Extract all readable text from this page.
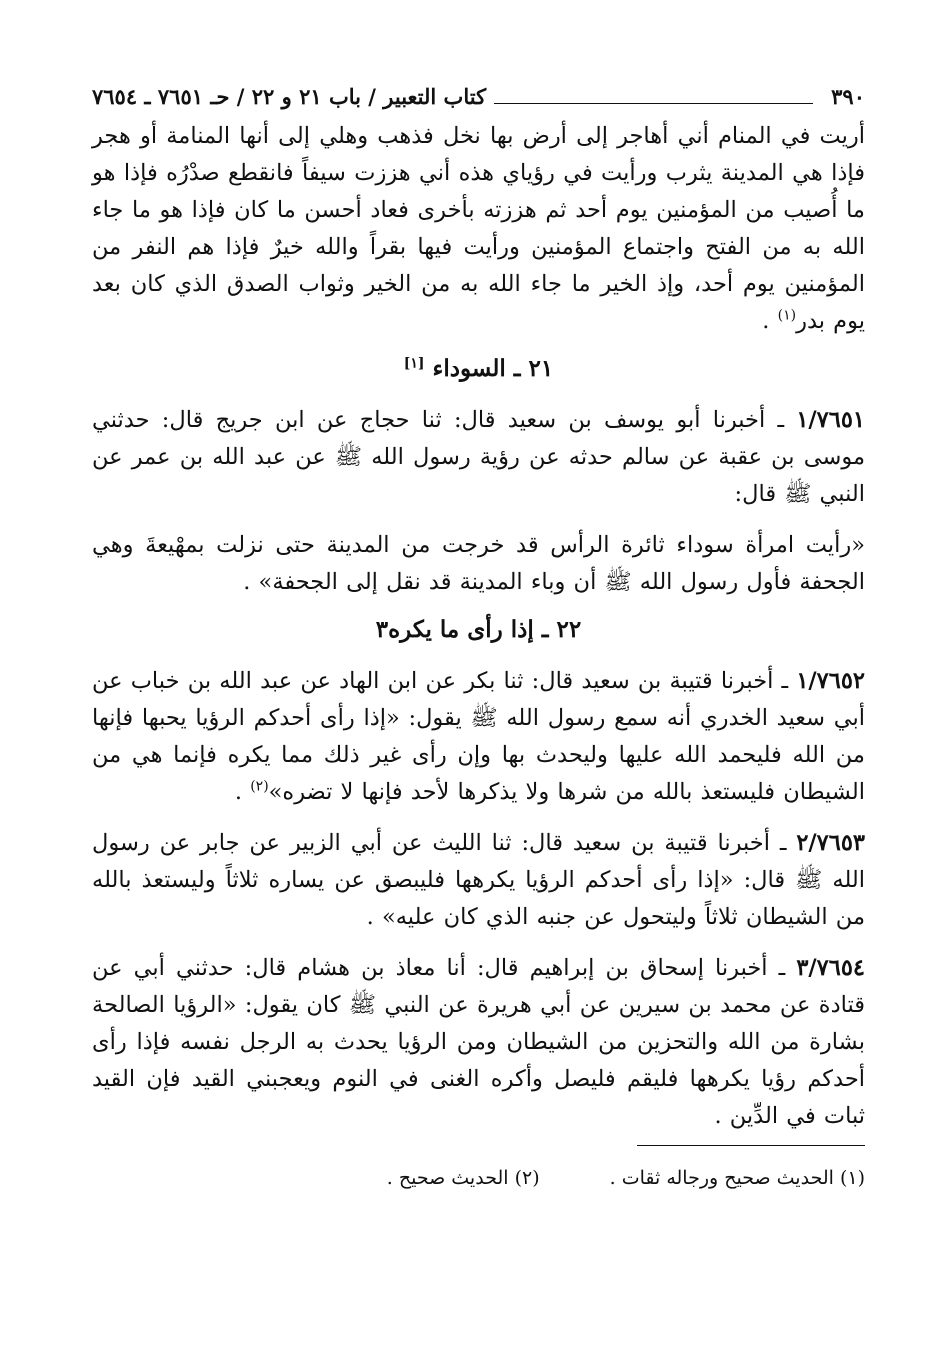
٣٩٠
كتاب التعبير / باب ٢١ و ٢٢ / حـ ٧٦٥١ ـ ٧٦٥٤

أريت في المنام أني أهاجر إلى أرض بها نخل فذهب وهلي إلى أنها المنامة أو هجر فإذا هي المدينة يثرب ورأيت في رؤياي هذه أني هززت سيفاً فانقطع صدْرُه فإذا هو ما أُصيب من المؤمنين يوم أحد ثم هززته بأخرى فعاد أحسن ما كان فإذا هو ما جاء الله به من الفتح واجتماع المؤمنين ورأيت فيها بقراً والله خيرٌ فإذا هم النفر من المؤمنين يوم أحد، وإذ الخير ما جاء الله به من الخير وثواب الصدق الذي كان بعد يوم بدر$^{(١)}$ .

٢١ ـ السوداء [١]

١/٧٦٥١ ـ أخبرنا أبو يوسف بن سعيد قال: ثنا حجاج عن ابن جريج قال: حدثني موسى بن عقبة عن سالم حدثه عن رؤية رسول الله ﷺ عن عبد الله بن عمر عن النبي ﷺ قال:

«رأيت امرأة سوداء ثائرة الرأس قد خرجت من المدينة حتى نزلت بمهْيعةَ وهي الجحفة فأول رسول الله ﷺ أن وباء المدينة قد نقل إلى الجحفة» .

٢٢ ـ إذا رأى ما يكره٣

١/٧٦٥٢ ـ أخبرنا قتيبة بن سعيد قال: ثنا بكر عن ابن الهاد عن عبد الله بن خباب عن أبي سعيد الخدري أنه سمع رسول الله ﷺ يقول: «إذا رأى أحدكم الرؤيا يحبها فإنها من الله فليحمد الله عليها وليحدث بها وإن رأى غير ذلك مما يكره فإنما هي من الشيطان فليستعذ بالله من شرها ولا يذكرها لأحد فإنها لا تضره»$^{(٢)}$ .

٢/٧٦٥٣ ـ أخبرنا قتيبة بن سعيد قال: ثنا الليث عن أبي الزبير عن جابر عن رسول الله ﷺ قال: «إذا رأى أحدكم الرؤيا يكرهها فليبصق عن يساره ثلاثاً وليستعذ بالله من الشيطان ثلاثاً وليتحول عن جنبه الذي كان عليه» .

٣/٧٦٥٤ ـ أخبرنا إسحاق بن إبراهيم قال: أنا معاذ بن هشام قال: حدثني أبي عن قتادة عن محمد بن سيرين عن أبي هريرة عن النبي ﷺ كان يقول: «الرؤيا الصالحة بشارة من الله والتحزين من الشيطان ومن الرؤيا يحدث به الرجل نفسه فإذا رأى أحدكم رؤيا يكرهها فليقم فليصل وأكره الغنى في النوم ويعجبني القيد فإن القيد ثبات في الدِّين .

(١) الحديث صحيح ورجاله ثقات .
(٢) الحديث صحيح .
